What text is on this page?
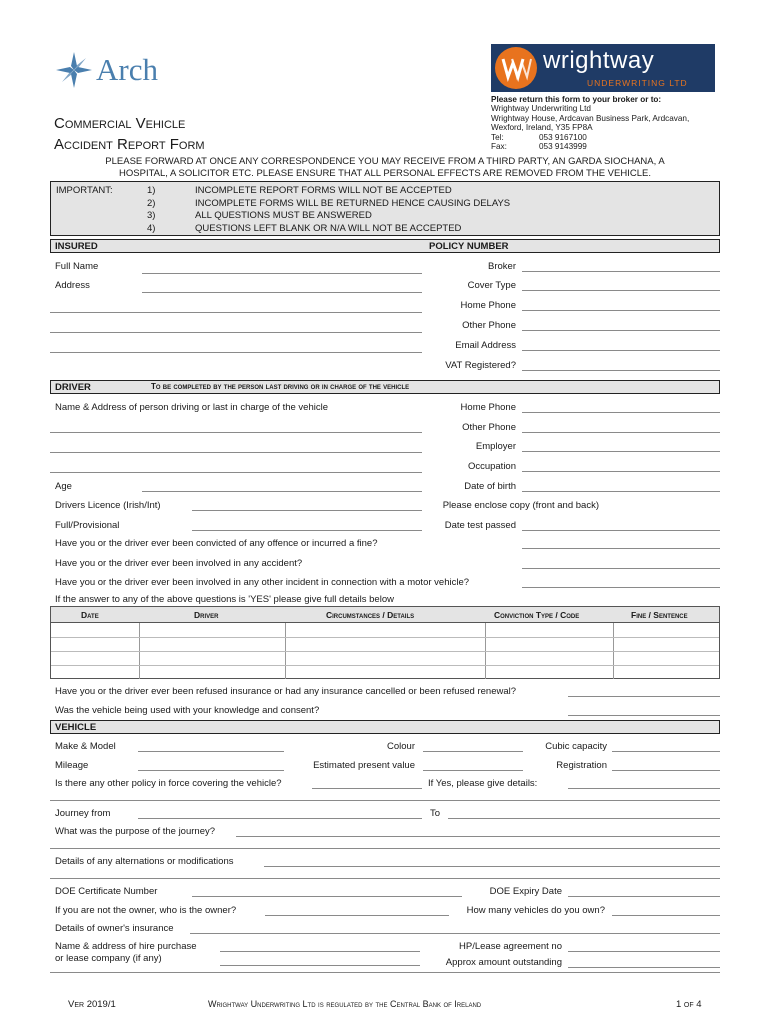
Arch	wrightway
UNDERWRITING LTD
Commercial Vehicle
Accident Report Form
Please return this form to your broker or to:
Wrightway Underwriting Ltd
Wrightway House, Ardcavan Business Park, Ardcavan,
Wexford, Ireland, Y35 FP8A
Tel:	053 9167100
Fax:	053 9143999
PLEASE FORWARD AT ONCE ANY CORRESPONDENCE YOU MAY RECEIVE FROM A THIRD PARTY, AN GARDA SIOCHANA, A
HOSPITAL, A SOLICITOR ETC. PLEASE ENSURE THAT ALL PERSONAL EFFECTS ARE REMOVED FROM THE VEHICLE.
IMPORTANT:	1)	INCOMPLETE REPORT FORMS WILL NOT BE ACCEPTED
2)	INCOMPLETE FORMS WILL BE RETURNED HENCE CAUSING DELAYS
3)	ALL QUESTIONS MUST BE ANSWERED
4)	QUESTIONS LEFT BLANK OR N/A WILL NOT BE ACCEPTED
INSURED	POLICY NUMBER
Full Name
Address
Broker
Cover Type
Home Phone
Other Phone
Email Address
VAT Registered?
DRIVER	To be completed by the person last driving or in charge of the vehicle
Name & Address of person driving or last in charge of the vehicle	Home Phone
Other Phone
Employer
Occupation
Age	Date of birth
Drivers Licence (Irish/Int)	Please enclose copy (front and back)
Full/Provisional	Date test passed
Have you or the driver ever been convicted of any offence or incurred a fine?
Have you or the driver ever been involved in any accident?
Have you or the driver ever been involved in any other incident in connection with a motor vehicle?
If the answer to any of the above questions is 'YES' please give full details below
Date	Driver	Circumstances / Details	Conviction Type / Code	Fine / Sentence
Have you or the driver ever been refused insurance or had any insurance cancelled or been refused renewal?
Was the vehicle being used with your knowledge and consent?
VEHICLE
Make & Model	Colour	Cubic capacity
Mileage	Estimated present value	Registration
Is there any other policy in force covering the vehicle?	If Yes, please give details:
Journey from	To
What was the purpose of the journey?
Details of any alternations or modifications
DOE Certificate Number	DOE Expiry Date
If you are not the owner, who is the owner?	How many vehicles do you own?
Details of owner's insurance
Name & address of hire purchase
or lease company (if any)
HP/Lease agreement no
Approx amount outstanding
Ver 2019/1	Wrightway Underwriting Ltd is regulated by the Central Bank of Ireland	1 of 4
